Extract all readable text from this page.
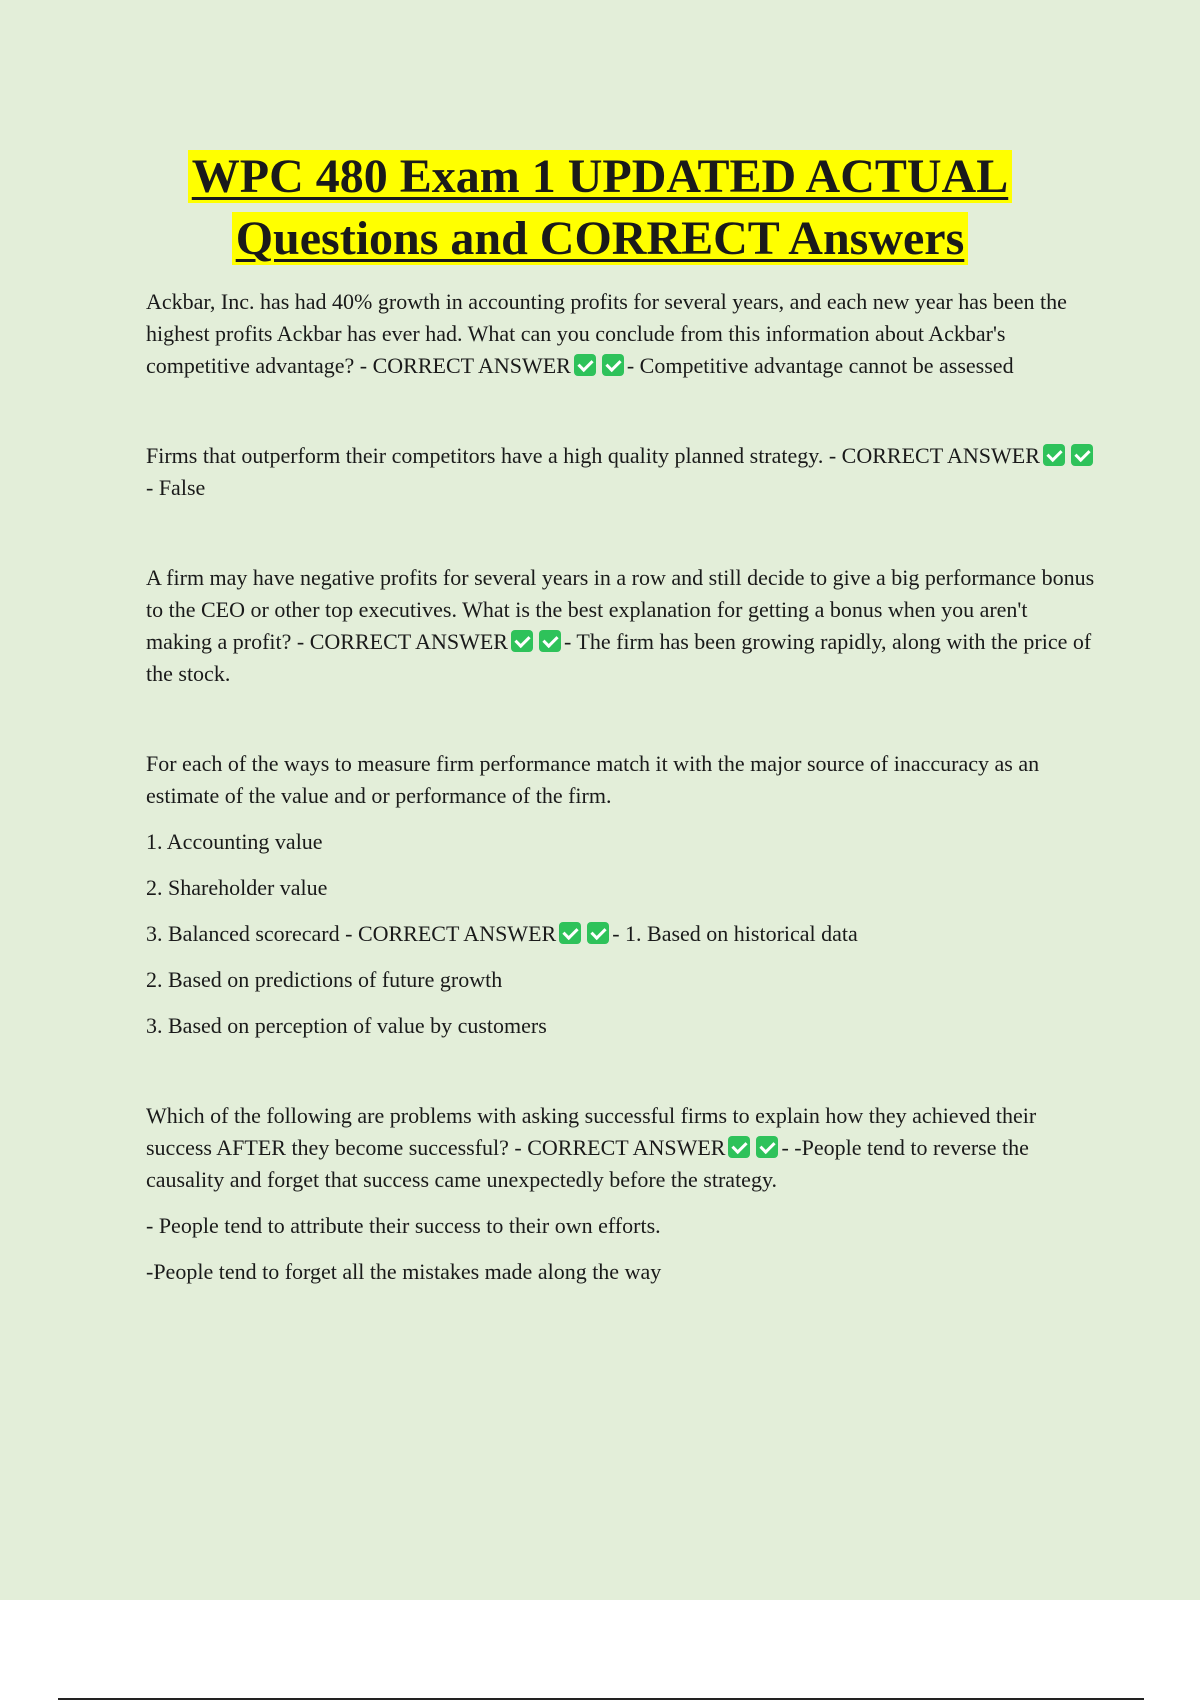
WPC 480 Exam 1 UPDATED ACTUAL
Questions and CORRECT Answers

Ackbar, Inc. has had 40% growth in accounting profits for several years, and each new year has been the highest profits Ackbar has ever had. What can you conclude from this information about Ackbar's competitive advantage? - CORRECT ANSWER	- Competitive advantage cannot be assessed

Firms that outperform their competitors have a high quality planned strategy. - CORRECT ANSWER- False

A firm may have negative profits for several years in a row and still decide to give a big performance bonus to the CEO or other top executives. What is the best explanation for getting a bonus when you aren't making a profit? - CORRECT ANSWER	- The firm has been growing rapidly, along with the price of the stock.

For each of the ways to measure firm performance match it with the major source of inaccuracy as an estimate of the value and or performance of the firm.

1. Accounting value

2. Shareholder value

3. Balanced scorecard - CORRECT ANSWER	- 1. Based on historical data

2. Based on predictions of future growth

3. Based on perception of value by customers

Which of the following are problems with asking successful firms to explain how they achieved their success AFTER they become successful? - CORRECT ANSWER	- -People tend to reverse the causality and forget that success came unexpectedly before the strategy.

- People tend to attribute their success to their own efforts.

-People tend to forget all the mistakes made along the way
